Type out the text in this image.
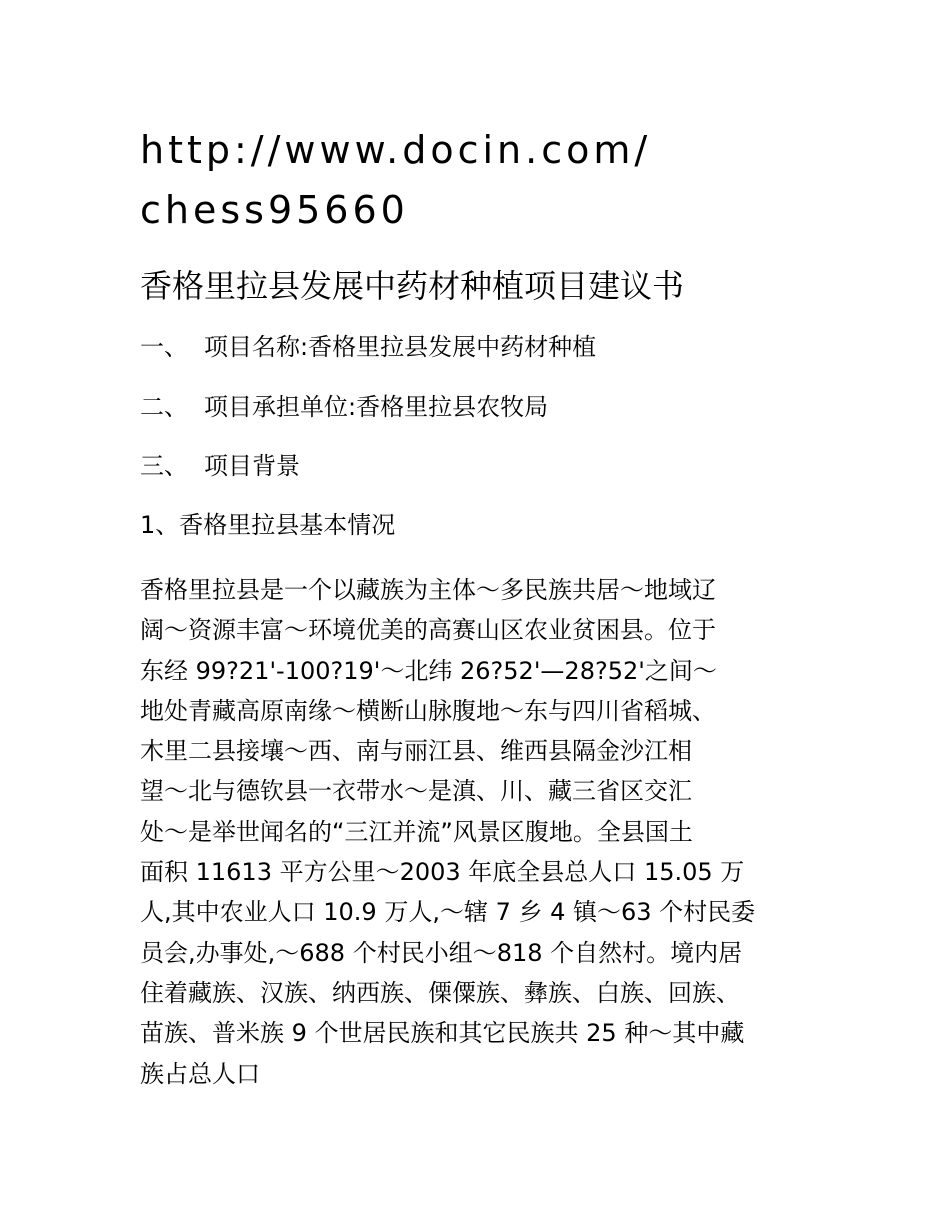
http://www.docin.com/

chess95660

香格里拉县发展中药材种植项目建议书

一、 项目名称:香格里拉县发展中药材种植

二、 项目承担单位:香格里拉县农牧局

三、 项目背景

1、香格里拉县基本情况

香格里拉县是一个以藏族为主体～多民族共居～地域辽
阔～资源丰富～环境优美的高赛山区农业贫困县。位于
东经 99?21'-100?19'～北纬 26?52'—28?52'之间～
地处青藏高原南缘～横断山脉腹地～东与四川省稻城、
木里二县接壤～西、南与丽江县、维西县隔金沙江相
望～北与德钦县一衣带水～是滇、川、藏三省区交汇
处～是举世闻名的“三江并流”风景区腹地。全县国土
面积 11613 平方公里～2003 年底全县总人口 15.05 万
人,其中农业人口 10.9 万人,～辖 7 乡 4 镇～63 个村民委
员会,办事处,～688 个村民小组～818 个自然村。境内居
住着藏族、汉族、纳西族、傈僳族、彝族、白族、回族、
苗族、普米族 9 个世居民族和其它民族共 25 种～其中藏
族占总人口
